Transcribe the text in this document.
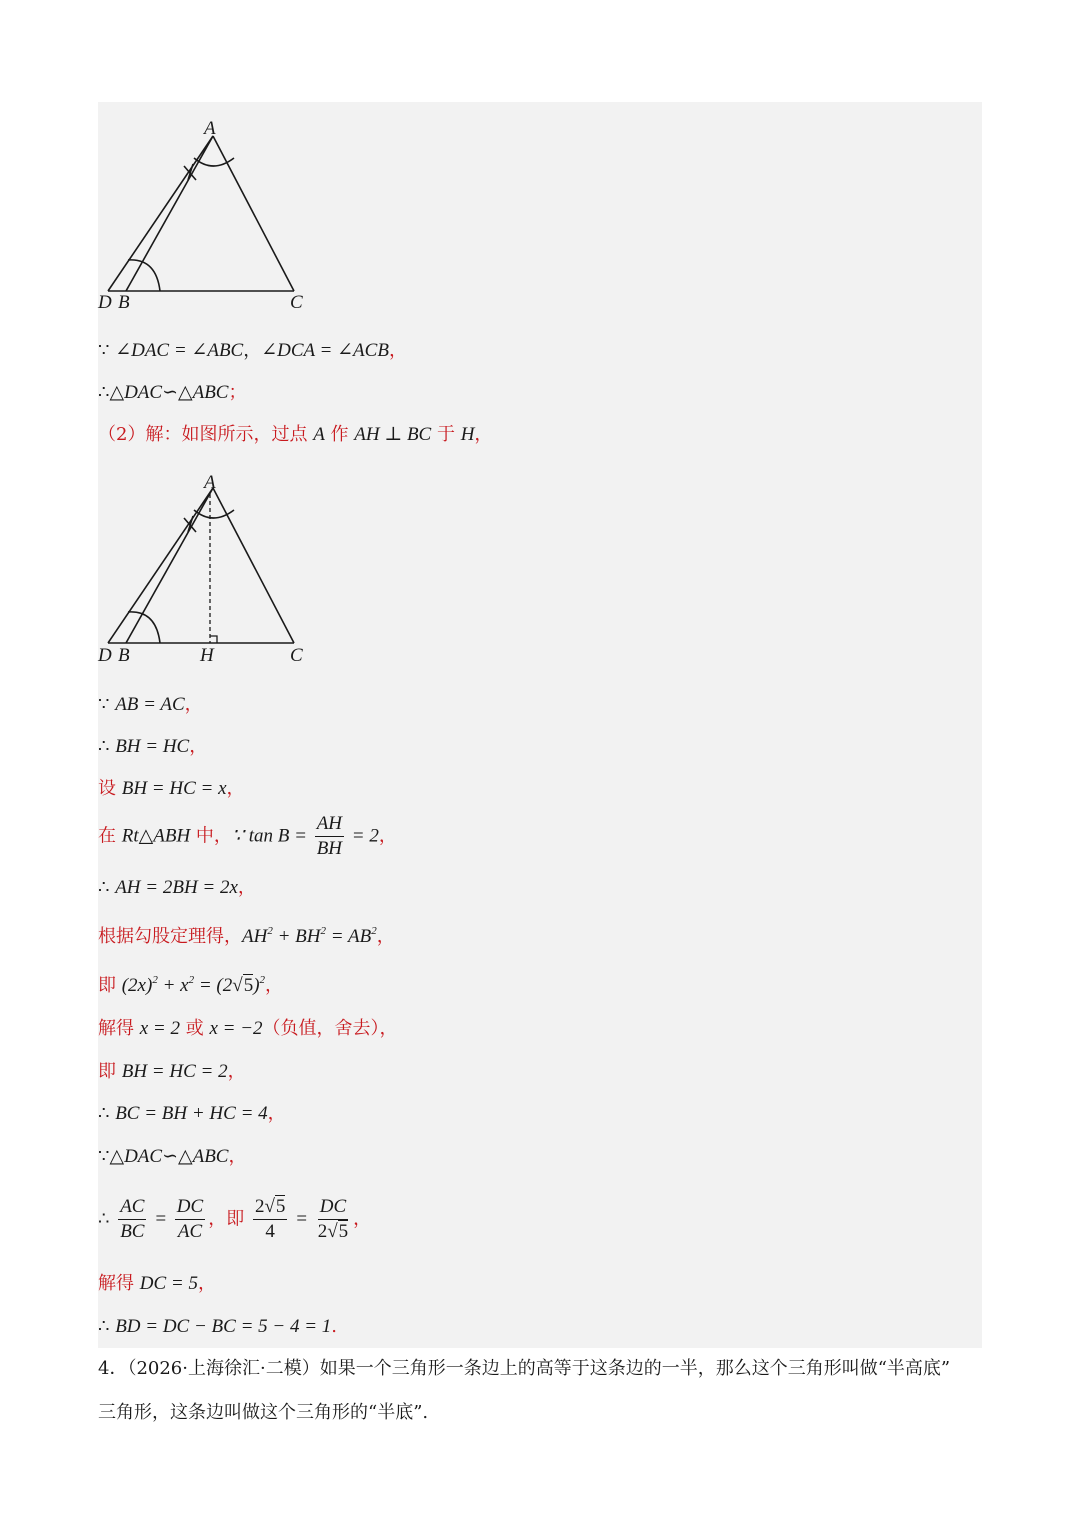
A
D B	C
∵ ∠DAC = ∠ABC，∠DCA = ∠ACB，
∴△DAC∽△ABC；
（2）解：如图所示，过点 A 作 AH ⊥ BC 于 H，
A
D B	H	C
∵ AB = AC，
∴ BH = HC，
设 BH = HC = x，
在 Rt△ABH 中，∵ $\tan B = \frac{AH}{BH} = 2$，
∴ AH = 2BH = 2x，
根据勾股定理得，$AH^2 + BH^2 = AB^2$，
即 $(2x)^2 + x^2 = (2√5)^2$，
解得 x = 2 或 x = −2（负值，舍去），
即 BH = HC = 2，
∴ BC = BH + HC = 4，
∵△DAC∽△ABC，
∴ $\frac{AC}{BC} = \frac{DC}{AC}$ ，即 $\frac{2√5}{4} = \frac{DC}{2√5}$ ，
解得 DC = 5，
∴ BD = DC − BC = 5 − 4 = 1.
4．（2026·上海徐汇·二模）如果一个三角形一条边上的高等于这条边的一半，那么这个三角形叫做“半高底”
三角形，这条边叫做这个三角形的“半底”.
